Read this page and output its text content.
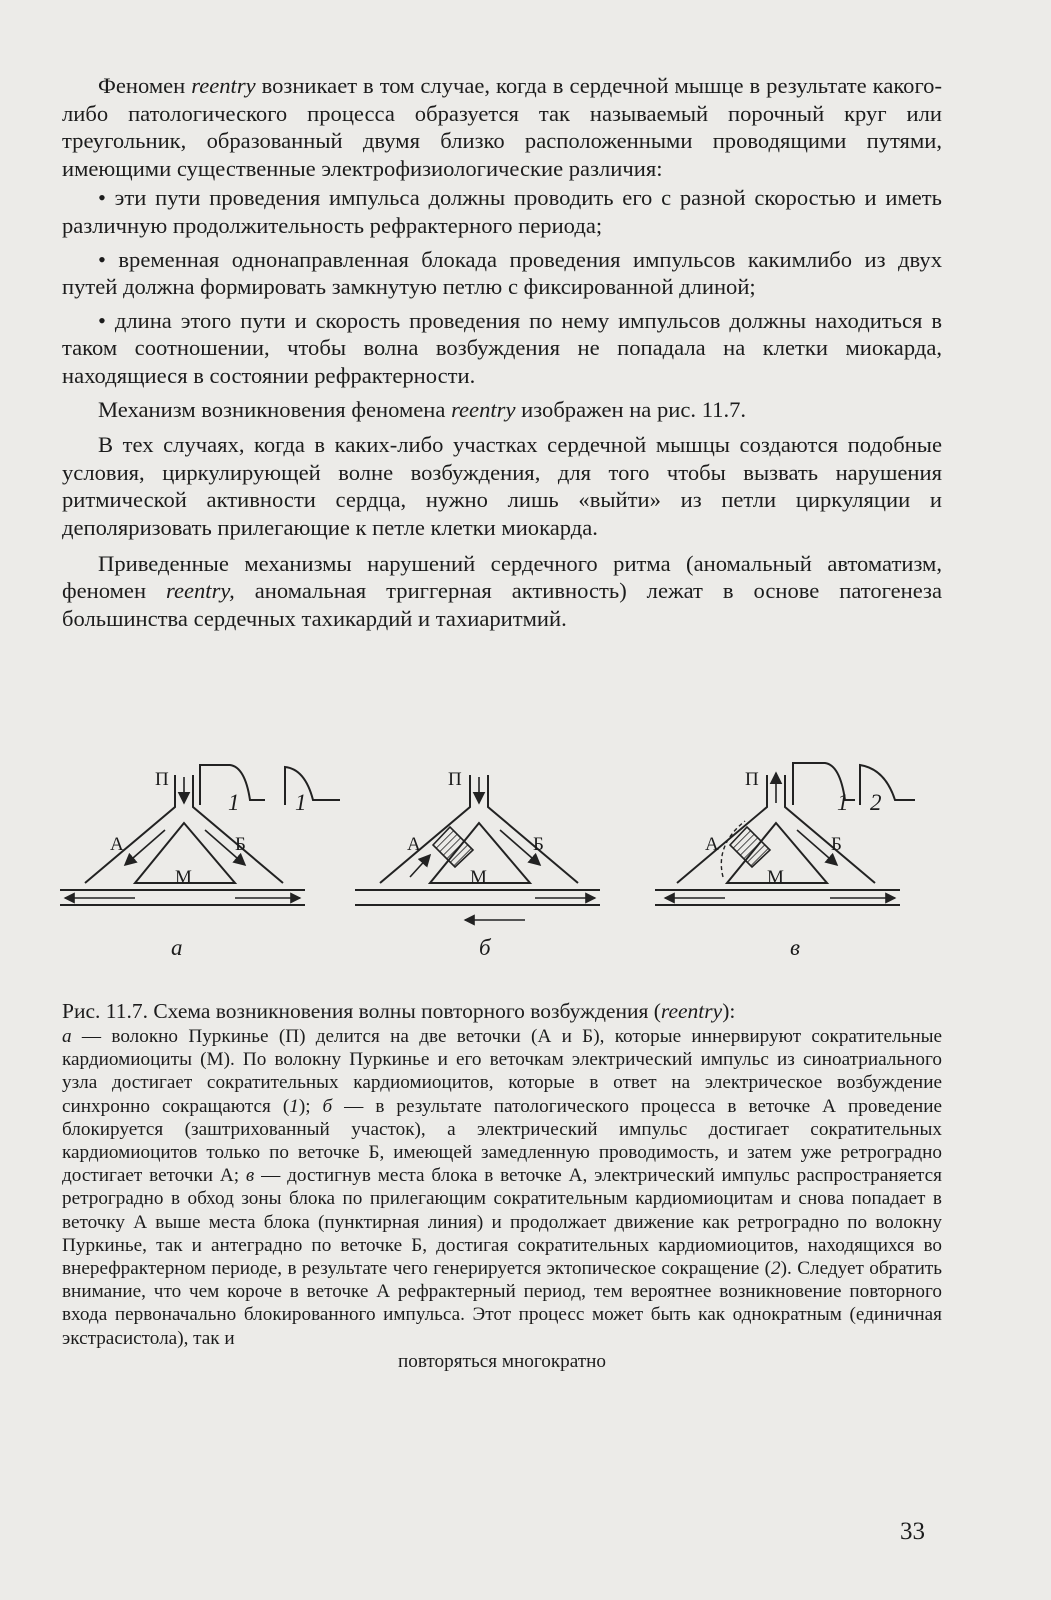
Феномен reentry возникает в том случае, когда в сердечной мышце в результате какого-либо патологического процесса образуется так называемый порочный круг или треугольник, образованный двумя близко расположенными проводящими путями, имеющими существенные электрофизиологические различия:

• эти пути проведения импульса должны проводить его с разной скоростью и иметь различную продолжительность рефрактерного периода;

• временная однонаправленная блокада проведения импульсов какимлибо из двух путей должна формировать замкнутую петлю с фиксированной длиной;

• длина этого пути и скорость проведения по нему импульсов должны находиться в таком соотношении, чтобы волна возбуждения не попадала на клетки миокарда, находящиеся в состоянии рефрактерности.

Механизм возникновения феномена reentry изображен на рис. 11.7.

В тех случаях, когда в каких-либо участках сердечной мышцы создаются подобные условия, циркулирующей волне возбуждения, для того чтобы вызвать нарушения ритмической активности сердца, нужно лишь «выйти» из петли циркуляции и деполяризовать прилегающие к петле клетки миокарда.

Приведенные механизмы нарушений сердечного ритма (аномальный автоматизм, феномен reentry, аномальная триггерная активность) лежат в основе патогенеза большинства сердечных тахикардий и тахиаритмий.

П
А	Б
М
1 1
а
П
А	Б
М
б
П
А	Б
М
1 2
в
Рис. 11.7. Схема возникновения волны повторного возбуждения (reentry):
а — волокно Пуркинье (П) делится на две веточки (А и Б), которые иннервируют сократительные кардиомиоциты (М). По волокну Пуркинье и его веточкам электрический импульс из синоатриального узла достигает сократительных кардиомиоцитов, которые в ответ на электрическое возбуждение синхронно сокращаются (1); б — в результате патологического процесса в веточке А проведение блокируется (заштрихованный участок), а электрический импульс достигает сократительных кардиомиоцитов только по веточке Б, имеющей замедленную проводимость, и затем уже ретроградно достигает веточки А; в — достигнув места блока в веточке А, электрический импульс распространяется ретроградно в обход зоны блока по прилегающим сократительным кардиомиоцитам и снова попадает в веточку А выше места блока (пунктирная линия) и продолжает движение как ретроградно по волокну Пуркинье, так и антеградно по веточке Б, достигая сократительных кардиомиоцитов, находящихся во внерефрактерном периоде, в результате чего генерируется эктопическое сокращение (2). Следует обратить внимание, что чем короче в веточке А рефрактерный период, тем вероятнее возникновение повторного входа первоначально блокированного импульса. Этот процесс может быть как однократным (единичная экстрасистола), так и
повторяться многократно
33
